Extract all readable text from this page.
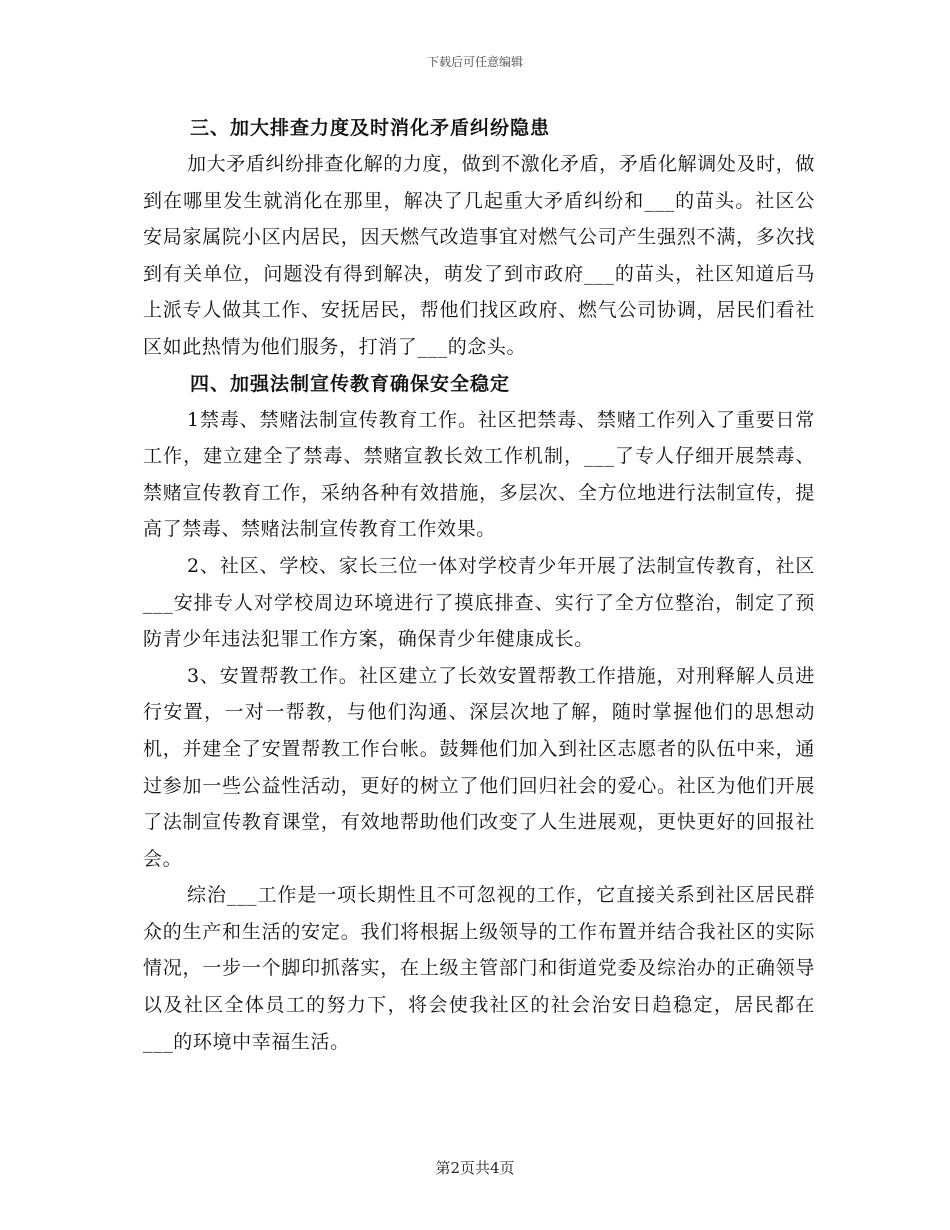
下载后可任意编辑
三、加大排查力度及时消化矛盾纠纷隐患

加大矛盾纠纷排查化解的力度，做到不激化矛盾，矛盾化解调处及时，做到在哪里发生就消化在那里，解决了几起重大矛盾纠纷和___的苗头。社区公安局家属院小区内居民，因天燃气改造事宜对燃气公司产生强烈不满，多次找到有关单位，问题没有得到解决，萌发了到市政府___的苗头，社区知道后马上派专人做其工作、安抚居民，帮他们找区政府、燃气公司协调，居民们看社区如此热情为他们服务，打消了___的念头。

四、加强法制宣传教育确保安全稳定

1禁毒、禁赌法制宣传教育工作。社区把禁毒、禁赌工作列入了重要日常工作，建立建全了禁毒、禁赌宣教长效工作机制，___了专人仔细开展禁毒、禁赌宣传教育工作，采纳各种有效措施，多层次、全方位地进行法制宣传，提高了禁毒、禁赌法制宣传教育工作效果。

2、社区、学校、家长三位一体对学校青少年开展了法制宣传教育，社区___安排专人对学校周边环境进行了摸底排查、实行了全方位整治，制定了预防青少年违法犯罪工作方案，确保青少年健康成长。

3、安置帮教工作。社区建立了长效安置帮教工作措施，对刑释解人员进行安置，一对一帮教，与他们沟通、深层次地了解，随时掌握他们的思想动机，并建全了安置帮教工作台帐。鼓舞他们加入到社区志愿者的队伍中来，通过参加一些公益性活动，更好的树立了他们回归社会的爱心。社区为他们开展了法制宣传教育课堂，有效地帮助他们改变了人生进展观，更快更好的回报社会。

综治___工作是一项长期性且不可忽视的工作，它直接关系到社区居民群众的生产和生活的安定。我们将根据上级领导的工作布置并结合我社区的实际情况，一步一个脚印抓落实，在上级主管部门和街道党委及综治办的正确领导以及社区全体员工的努力下，将会使我社区的社会治安日趋稳定，居民都在___的环境中幸福生活。

第2页共4页
